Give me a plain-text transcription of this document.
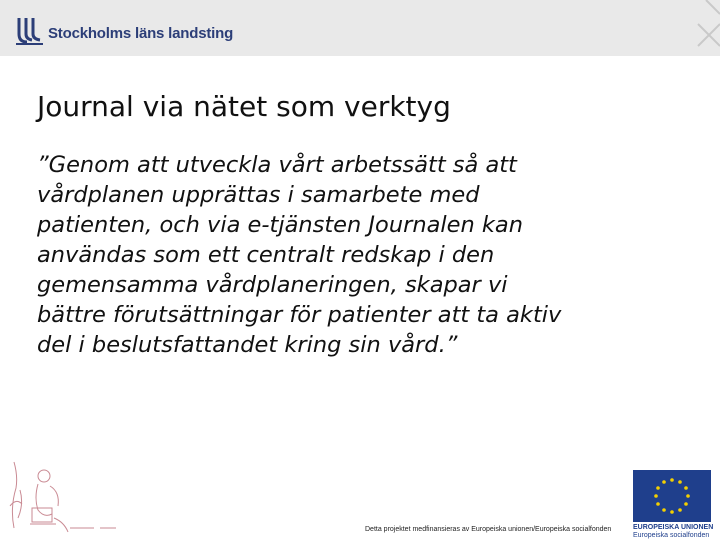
Stockholms läns landsting
Journal via nätet som verktyg
”Genom att utveckla vårt arbetssätt så att
vårdplanen upprättas i samarbete med
patienten, och via e-tjänsten Journalen kan
användas som ett centralt redskap i den
gemensamma vårdplaneringen, skapar vi
bättre förutsättningar för patienter att ta aktiv
del i beslutsfattandet kring sin vård.”
Detta projektet medfinansieras av Europeiska unionen/Europeiska socialfonden	EUROPEISKA UNIONEN
Europeiska socialfonden
